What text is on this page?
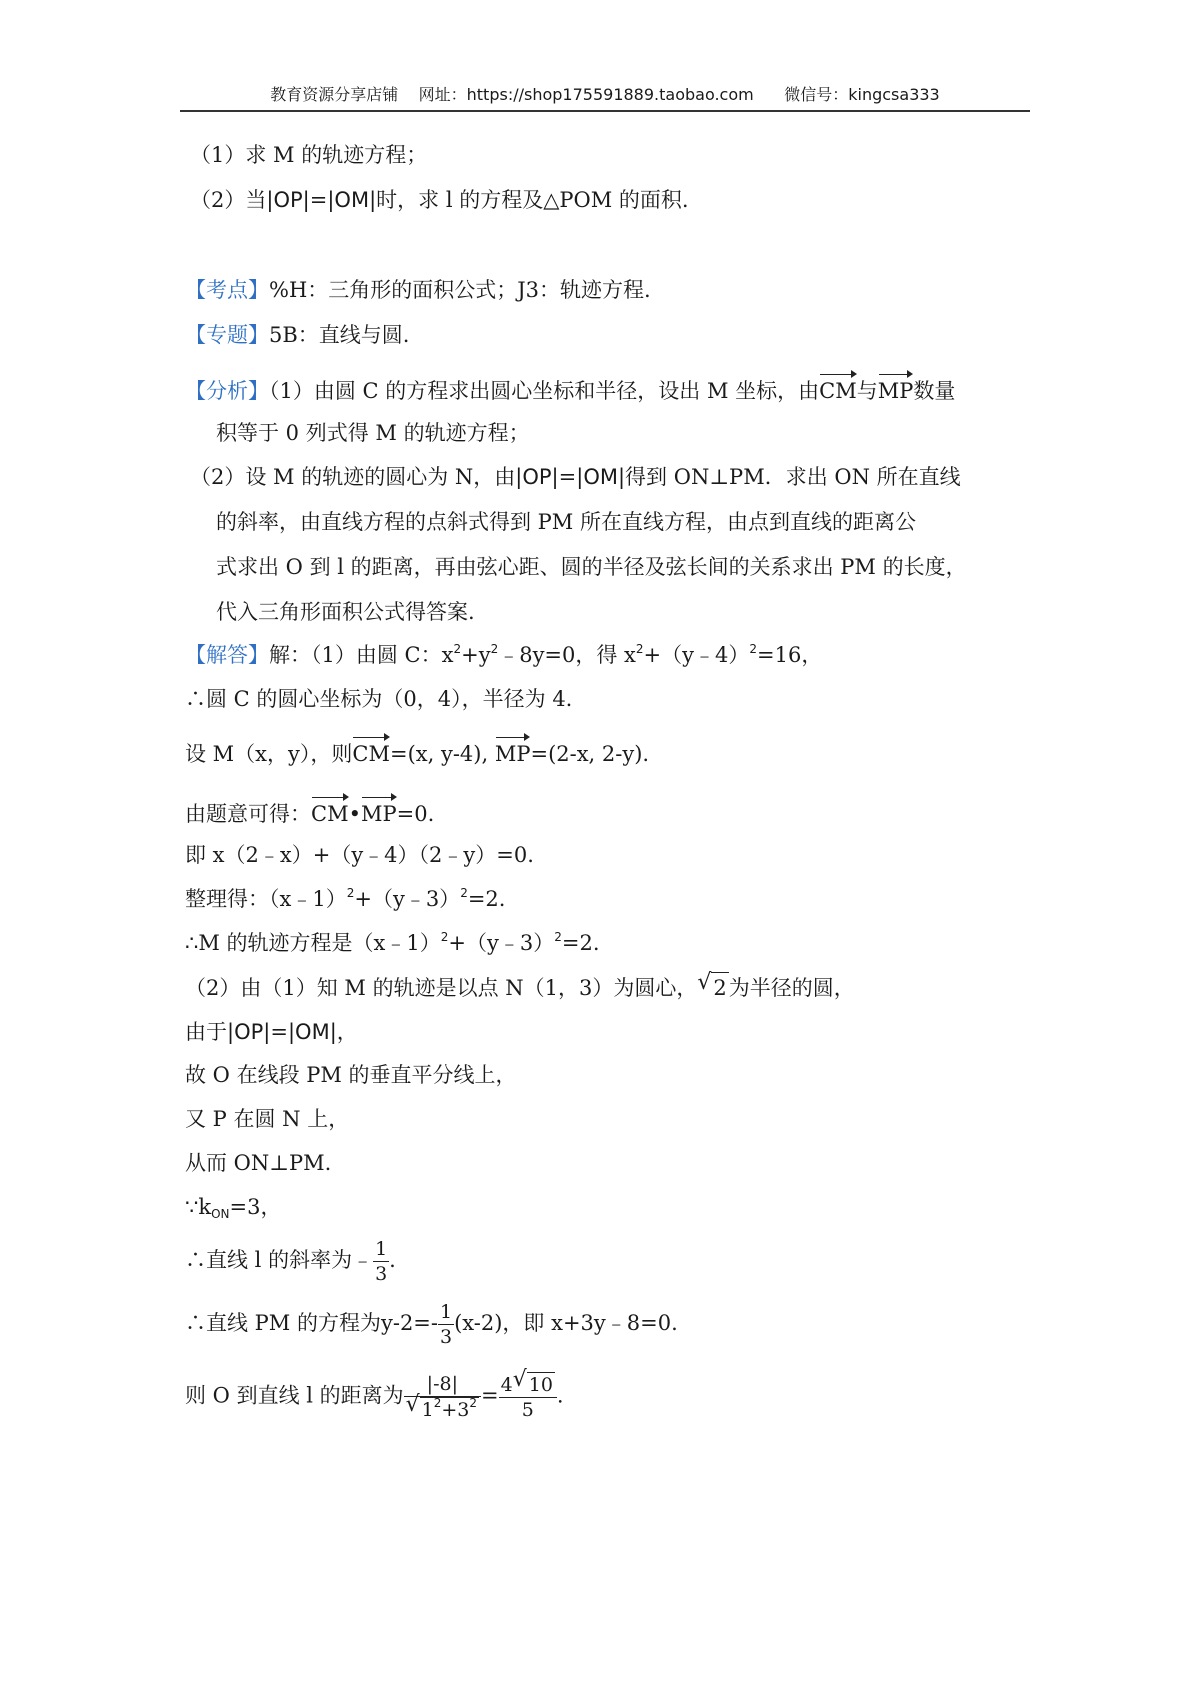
教育资源分享店铺 网址：https://shop175591889.taobao.com 微信号：kingcsa333
（1）求 M 的轨迹方程；
（2）当|OP|=|OM|时，求 l 的方程及△POM 的面积.
【考点】%H：三角形的面积公式；J3：轨迹方程.
【专题】5B：直线与圆.
【分析】（1）由圆 C 的方程求出圆心坐标和半径，设出 M 坐标，由CM与MP数量
积等于 0 列式得 M 的轨迹方程；
（2）设 M 的轨迹的圆心为 N，由|OP|=|OM|得到 ON⊥PM．求出 ON 所在直线
的斜率，由直线方程的点斜式得到 PM 所在直线方程，由点到直线的距离公
式求出 O 到 l 的距离，再由弦心距、圆的半径及弦长间的关系求出 PM 的长度，
代入三角形面积公式得答案.
【解答】解：（1）由圆 C：$x^2+y^2﹣8y=0$，得 $x^2+(y﹣4)^2=16$，
∴圆 C 的圆心坐标为（0，4），半径为 4.
设 M（x，y），则CM=(x, y-4), MP=(2-x, 2-y).
由题意可得：CM•MP=0.
即 x（2﹣x）+（y﹣4）（2﹣y）=0.
整理得：（x﹣1）$^2$+（y﹣3）$^2$=2.
∴M 的轨迹方程是（x﹣1）$^2$+（y﹣3）$^2$=2.
（2）由（1）知 M 的轨迹是以点 N（1，3）为圆心， √ 2为半径的圆，
由于|OP|=|OM|，
故 O 在线段 PM 的垂直平分线上，
又 P 在圆 N 上，
从而 ON⊥PM.
$\because k_{ON}=3$，
∴直线 l 的斜率为﹣ $\frac{1}{3}$ .
∴直线 PM 的方程为$y-2=- \frac{1}{3} (x-2)$，即 x+3y﹣8=0.
则 O 到直线 l 的距离为 |-8|
√ $1^2+3^2 = \frac{4 √ 10}{5}$ .
